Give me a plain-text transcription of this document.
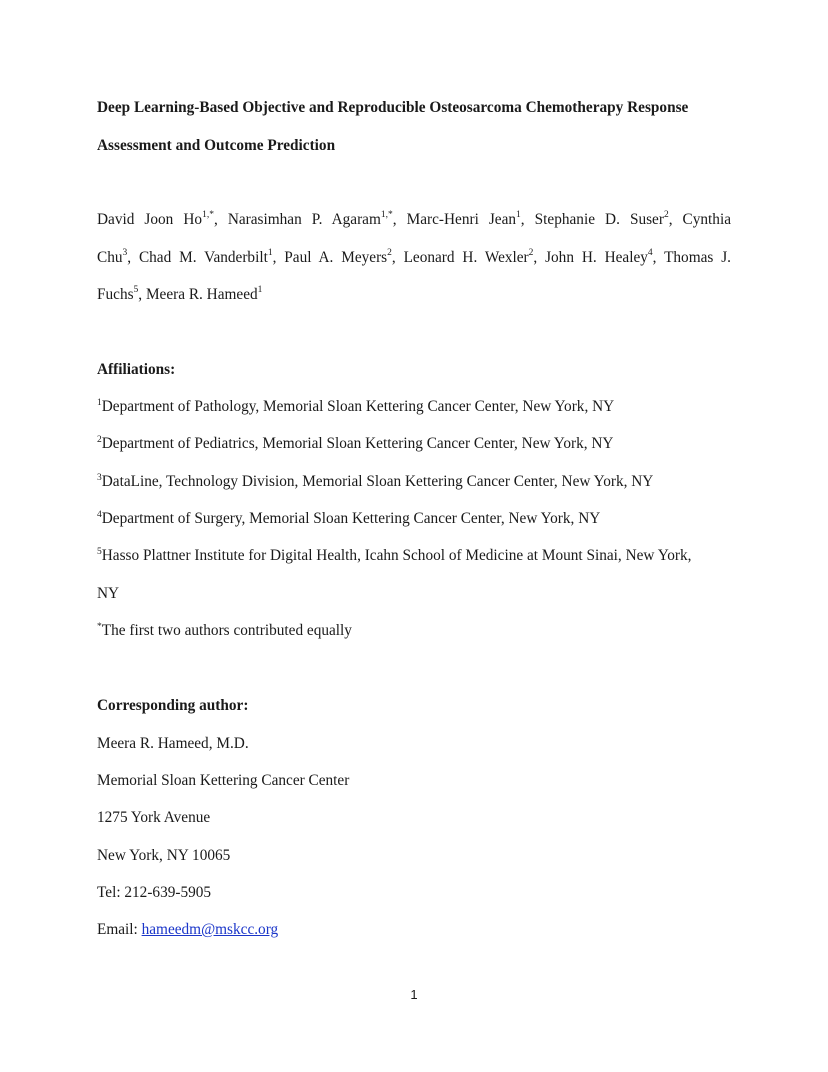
Deep Learning-Based Objective and Reproducible Osteosarcoma Chemotherapy Response
Assessment and Outcome Prediction
David Joon $Ho^{1,*}$, Narasimhan P. Agaram$^{1,*}$, Marc-Henri Jean$^1$, Stephanie D. Suser$^2$, Cynthia
Chu$^3$, Chad M. Vanderbilt$^1$, Paul A. Meyers$^2$, Leonard H. Wexler$^2$, John H. Healey$^4$, Thomas J.
Fuchs$^5$, Meera R. Hameed$^1$
Affiliations:
$^1$Department of Pathology, Memorial Sloan Kettering Cancer Center, New York, NY
$^2$Department of Pediatrics, Memorial Sloan Kettering Cancer Center, New York, NY
$^3$DataLine, Technology Division, Memorial Sloan Kettering Cancer Center, New York, NY
$^4$Department of Surgery, Memorial Sloan Kettering Cancer Center, New York, NY
$^5$Hasso Plattner Institute for Digital Health, Icahn School of Medicine at Mount Sinai, New York,
NY
*The first two authors contributed equally
Corresponding author:
Meera R. Hameed, M.D.
Memorial Sloan Kettering Cancer Center
1275 York Avenue
New York, NY 10065
Tel: 212-639-5905
Email: hameedm@mskcc.org
1
